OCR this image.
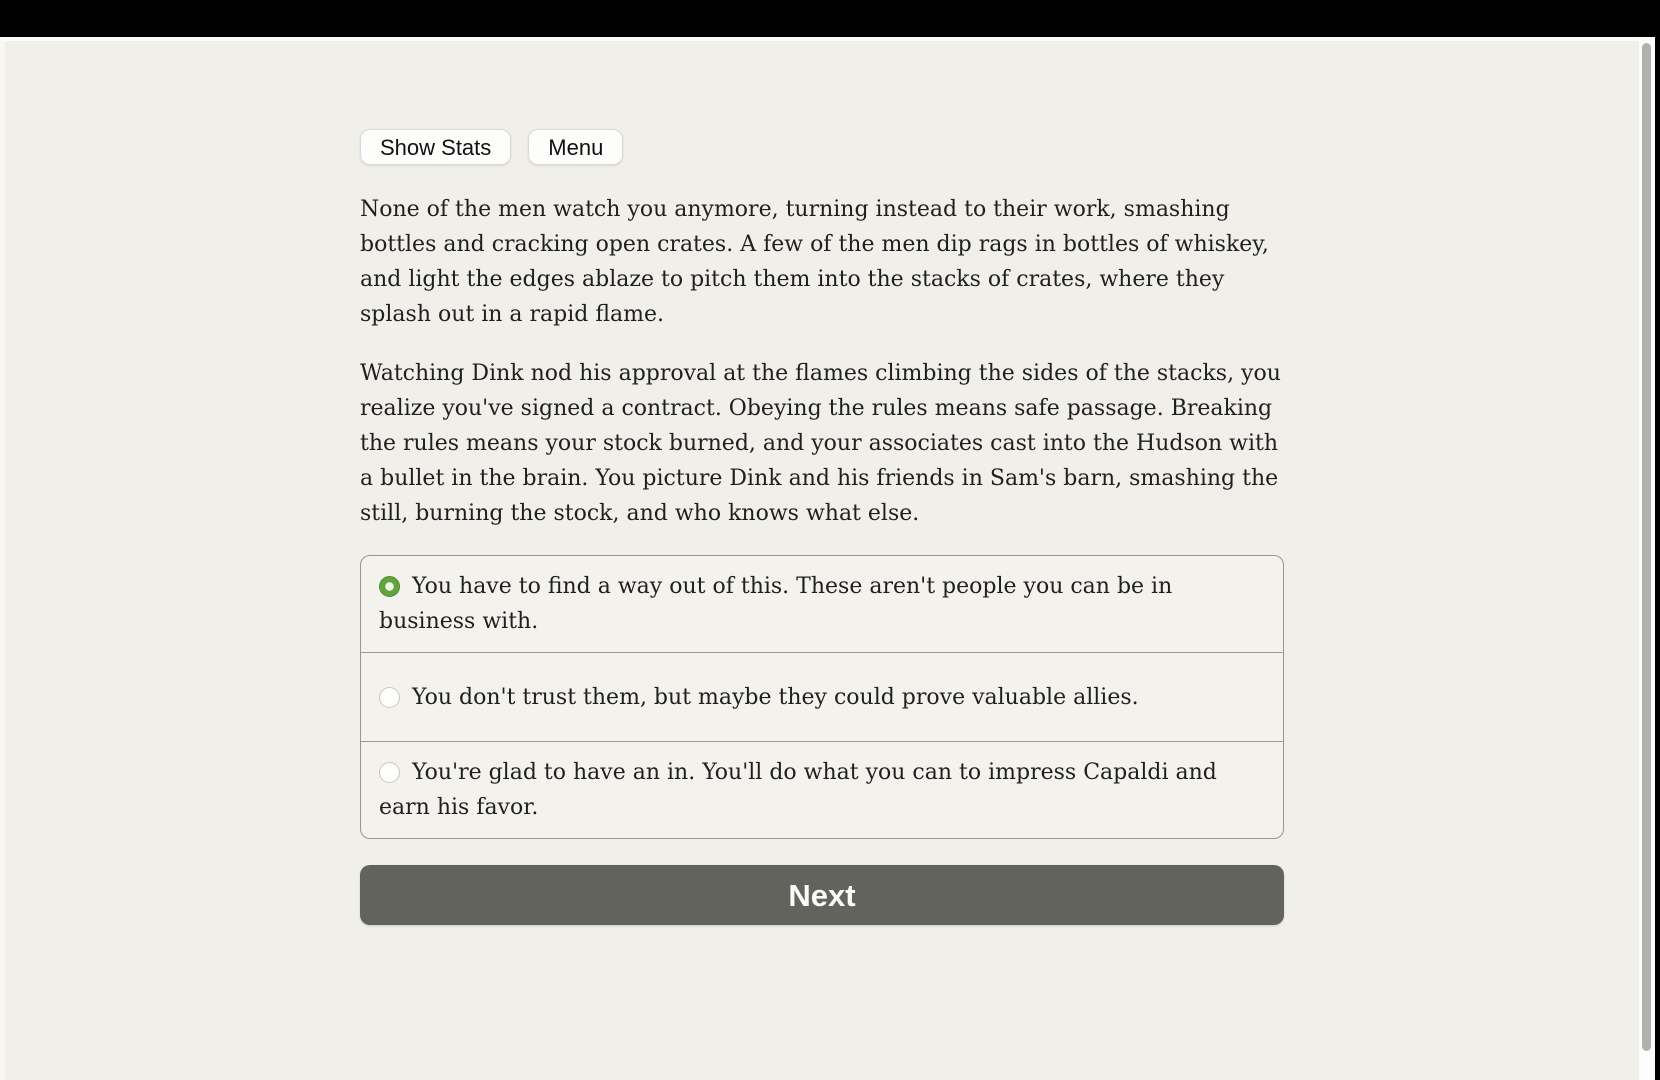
Show Stats	Menu

None of the men watch you anymore, turning instead to their work, smashing bottles and cracking open crates. A few of the men dip rags in bottles of whiskey, and light the edges ablaze to pitch them into the stacks of crates, where they splash out in a rapid flame.

Watching Dink nod his approval at the flames climbing the sides of the stacks, you realize you've signed a contract. Obeying the rules means safe passage. Breaking the rules means your stock burned, and your associates cast into the Hudson with a bullet in the brain. You picture Dink and his friends in Sam's barn, smashing the still, burning the stock, and who knows what else.

You have to find a way out of this. These aren't people you can be in business with.
You don't trust them, but maybe they could prove valuable allies.
You're glad to have an in. You'll do what you can to impress Capaldi and earn his favor.
Next
